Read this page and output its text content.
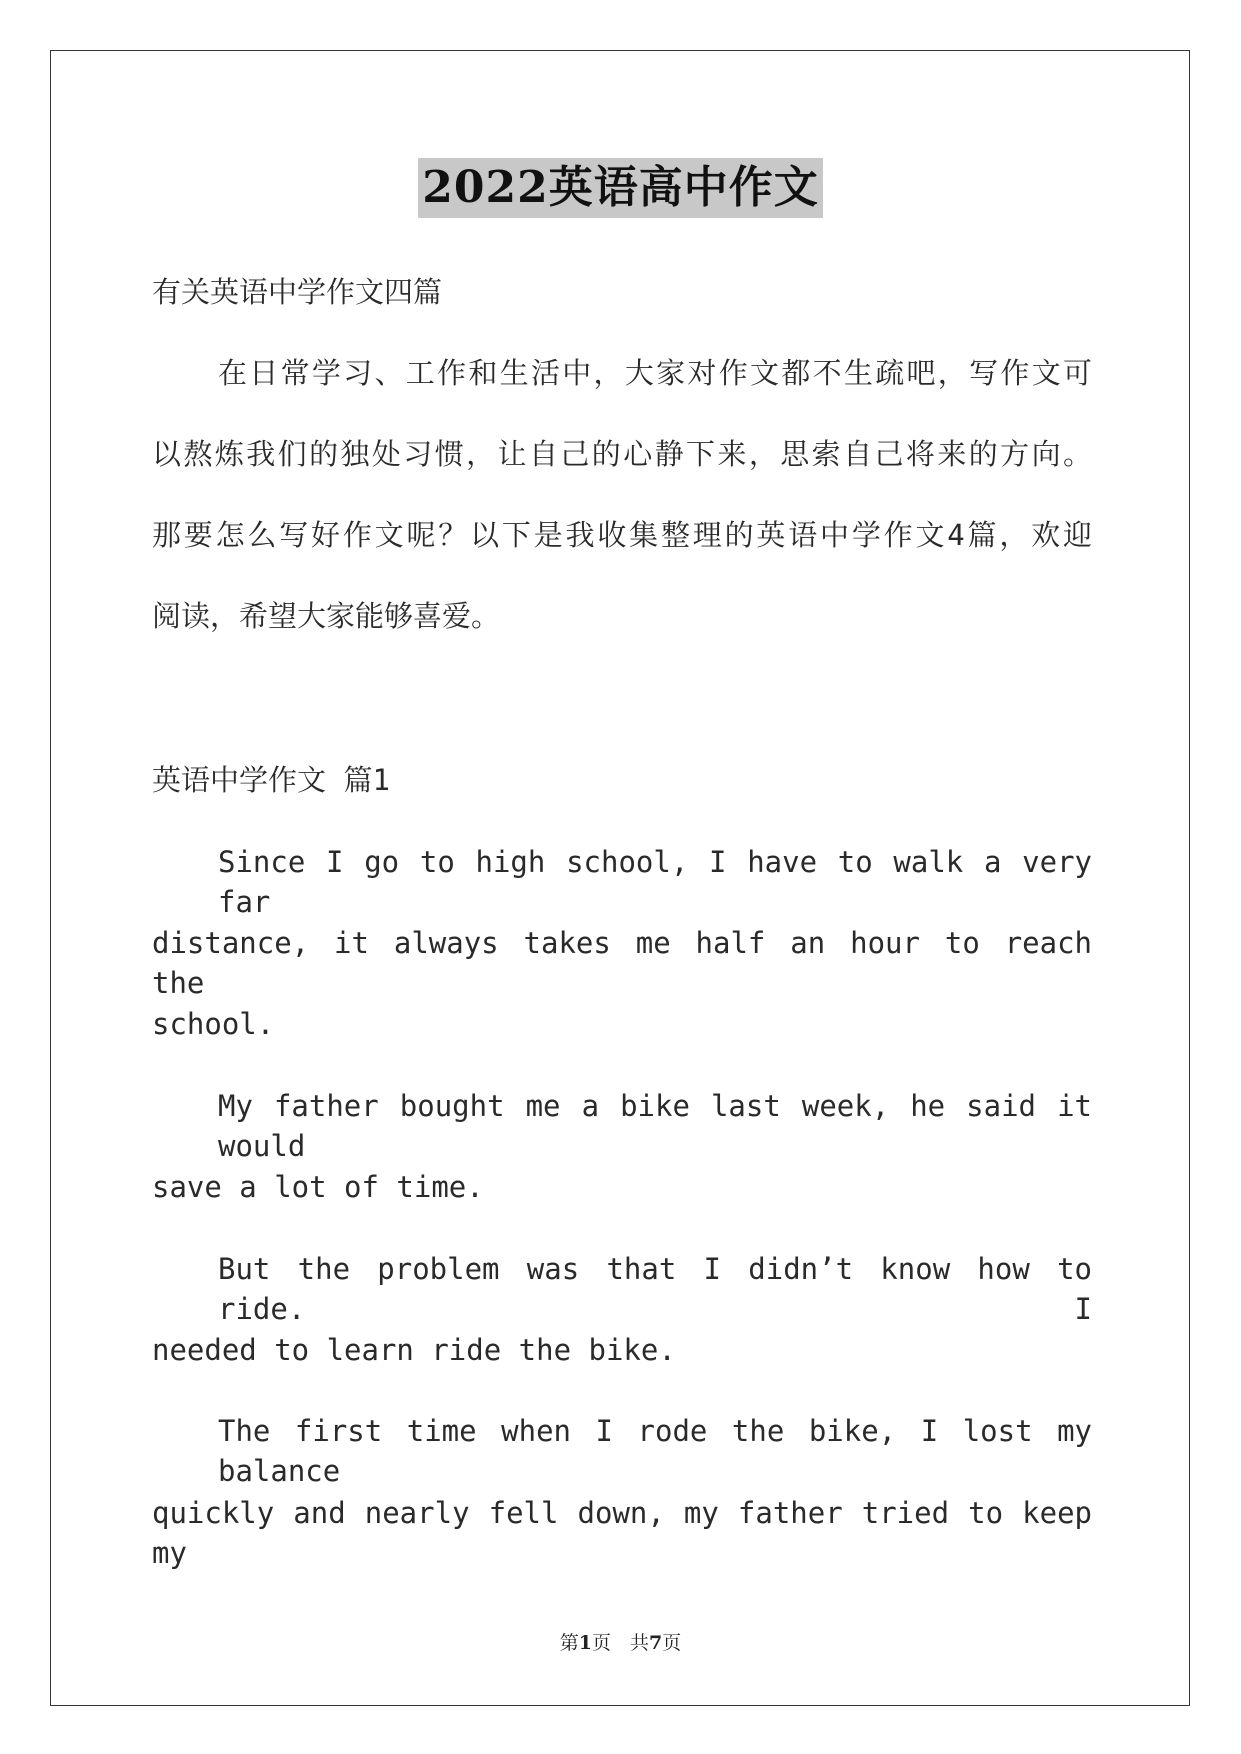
2022英语高中作文
有关英语中学作文四篇
在日常学习、工作和生活中，大家对作文都不生疏吧，写作文可
以熬炼我们的独处习惯，让自己的心静下来，思索自己将来的方向。
那要怎么写好作文呢？以下是我收集整理的英语中学作文4篇，欢迎
阅读，希望大家能够喜爱。
英语中学作文 篇1
Since I go to high school, I have to walk a very far
distance, it always takes me half an hour to reach the
school.
My father bought me a bike last week, he said it would
save a lot of time.
But the problem was that I didn’t know how to ride. I
needed to learn ride the bike.
The first time when I rode the bike, I lost my balance
quickly and nearly fell down, my father tried to keep my
第1页　共7页
